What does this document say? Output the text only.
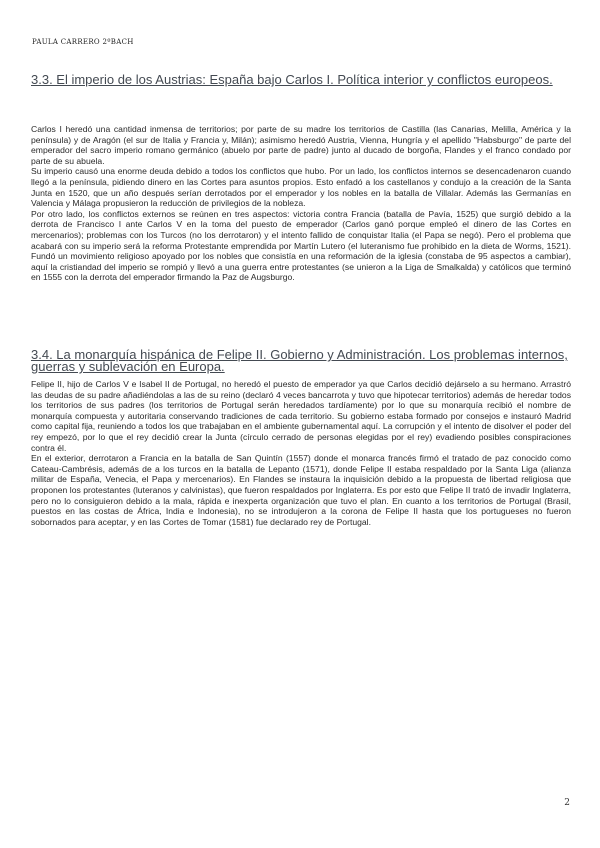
PAULA CARRERO 2ºBACH
3.3. El imperio de los Austrias: España bajo Carlos I. Política interior y conflictos europeos.

Carlos I heredó una cantidad inmensa de territorios; por parte de su madre los territorios de Castilla (las Canarias, Melilla, América y la península) y de Aragón (el sur de Italia y Francia y, Milán); asimismo heredó Austria, Vienna, Hungría y el apellido "Habsburgo" de parte del emperador del sacro imperio romano germánico (abuelo por parte de padre) junto al ducado de borgoña, Flandes y el franco condado por parte de su abuela.

Su imperio causó una enorme deuda debido a todos los conflictos que hubo. Por un lado, los conflictos internos se desencadenaron cuando llegó a la península, pidiendo dinero en las Cortes para asuntos propios. Esto enfadó a los castellanos y condujo a la creación de la Santa Junta en 1520, que un año después serían derrotados por el emperador y los nobles en la batalla de Villalar. Además las Germanías en Valencia y Málaga propusieron la reducción de privilegios de la nobleza.

Por otro lado, los conflictos externos se reúnen en tres aspectos: victoria contra Francia (batalla de Pavía, 1525) que surgió debido a la derrota de Francisco I ante Carlos V en la toma del puesto de emperador (Carlos ganó porque empleó el dinero de las Cortes en mercenarios); problemas con los Turcos (no los derrotaron) y el intento fallido de conquistar Italia (el Papa se negó). Pero el problema que acabará con su imperio será la reforma Protestante emprendida por Martín Lutero (el luteranismo fue prohibido en la dieta de Worms, 1521). Fundó un movimiento religioso apoyado por los nobles que consistía en una reformación de la iglesia (constaba de 95 aspectos a cambiar), aquí la cristiandad del imperio se rompió y llevó a una guerra entre protestantes (se unieron a la Liga de Smalkalda) y católicos que terminó en 1555 con la derrota del emperador firmando la Paz de Augsburgo.

3.4. La monarquía hispánica de Felipe II. Gobierno y Administración. Los problemas internos, guerras y sublevación en Europa.

Felipe II, hijo de Carlos V e Isabel II de Portugal, no heredó el puesto de emperador ya que Carlos decidió dejárselo a su hermano. Arrastró las deudas de su padre añadiéndolas a las de su reino (declaró 4 veces bancarrota y tuvo que hipotecar territorios) además de heredar todos los territorios de sus padres (los territorios de Portugal serán heredados tardíamente) por lo que su monarquía recibió el nombre de monarquía compuesta y autoritaria conservando tradiciones de cada territorio. Su gobierno estaba formado por consejos e instauró Madrid como capital fija, reuniendo a todos los que trabajaban en el ambiente gubernamental aquí. La corrupción y el intento de disolver el poder del rey empezó, por lo que el rey decidió crear la Junta (círculo cerrado de personas elegidas por el rey) evadiendo posibles conspiraciones contra él.

En el exterior, derrotaron a Francia en la batalla de San Quintín (1557) donde el monarca francés firmó el tratado de paz conocido como Cateau-Cambrésis, además de a los turcos en la batalla de Lepanto (1571), donde Felipe II estaba respaldado por la Santa Liga (alianza militar de España, Venecia, el Papa y mercenarios). En Flandes se instaura la inquisición debido a la propuesta de libertad religiosa que proponen los protestantes (luteranos y calvinistas), que fueron respaldados por Inglaterra. Es por esto que Felipe II trató de invadir Inglaterra, pero no lo consiguieron debido a la mala, rápida e inexperta organización que tuvo el plan. En cuanto a los territorios de Portugal (Brasil, puestos en las costas de África, India e Indonesia), no se introdujeron a la corona de Felipe II hasta que los portugueses no fueron sobornados para aceptar, y en las Cortes de Tomar (1581) fue declarado rey de Portugal.

2
